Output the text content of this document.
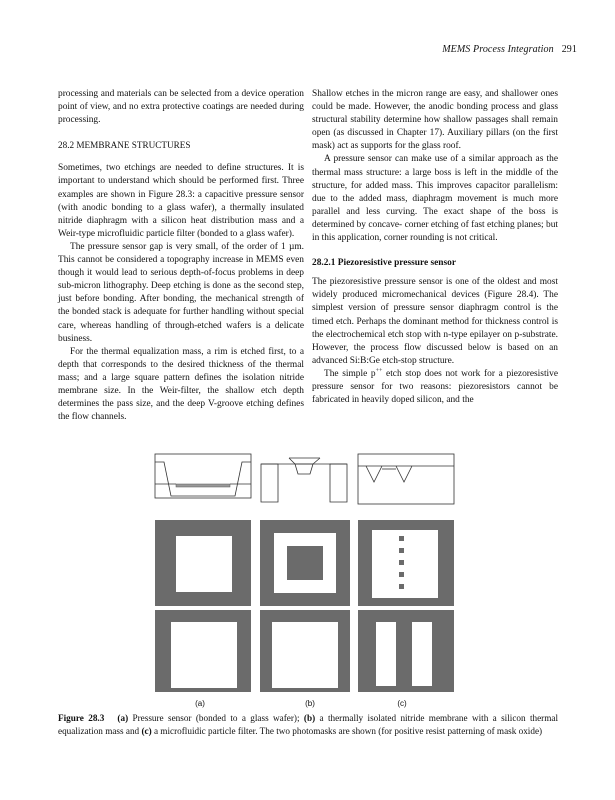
MEMS Process Integration 291

processing and materials can be selected from a device operation point of view, and no extra protective coatings are needed during processing.

28.2 MEMBRANE STRUCTURES

Sometimes, two etchings are needed to define structures. It is important to understand which should be performed first. Three examples are shown in Figure 28.3: a capacitive pressure sensor (with anodic bonding to a glass wafer), a thermally insulated nitride diaphragm with a silicon heat distribution mass and a Weir-type microfluidic particle filter (bonded to a glass wafer).

The pressure sensor gap is very small, of the order of 1 µm. This cannot be considered a topography increase in MEMS even though it would lead to serious depth-of-focus problems in deep sub-micron lithography. Deep etching is done as the second step, just before bonding. After bonding, the mechanical strength of the bonded stack is adequate for further handling without special care, whereas handling of through-etched wafers is a delicate business.

For the thermal equalization mass, a rim is etched first, to a depth that corresponds to the desired thickness of the thermal mass; and a large square pattern defines the isolation nitride membrane size. In the Weir-filter, the shallow etch depth determines the pass size, and the deep V-groove etching defines the flow channels.

Shallow etches in the micron range are easy, and shallower ones could be made. However, the anodic bonding process and glass structural stability determine how shallow passages shall remain open (as discussed in Chapter 17). Auxiliary pillars (on the first mask) act as supports for the glass roof.

A pressure sensor can make use of a similar approach as the thermal mass structure: a large boss is left in the middle of the structure, for added mass. This improves capacitor parallelism: due to the added mass, diaphragm movement is much more parallel and less curving. The exact shape of the boss is determined by concave- corner etching of fast etching planes; but in this application, corner rounding is not critical.

28.2.1 Piezoresistive pressure sensor

The piezoresistive pressure sensor is one of the oldest and most widely produced micromechanical devices (Figure 28.4). The simplest version of pressure sensor diaphragm control is the timed etch. Perhaps the dominant method for thickness control is the electrochemical etch stop with n-type epilayer on p-substrate. However, the process flow discussed below is based on an advanced Si:B:Ge etch-stop structure.

The simple p++ etch stop does not work for a piezoresistive pressure sensor for two reasons: piezoresistors cannot be fabricated in heavily doped silicon, and the

(a)	(b)	(c)
Figure 28.3 (a) Pressure sensor (bonded to a glass wafer); (b) a thermally isolated nitride membrane with a silicon thermal equalization mass and (c) a microfluidic particle filter. The two photomasks are shown (for positive resist patterning of mask oxide)
